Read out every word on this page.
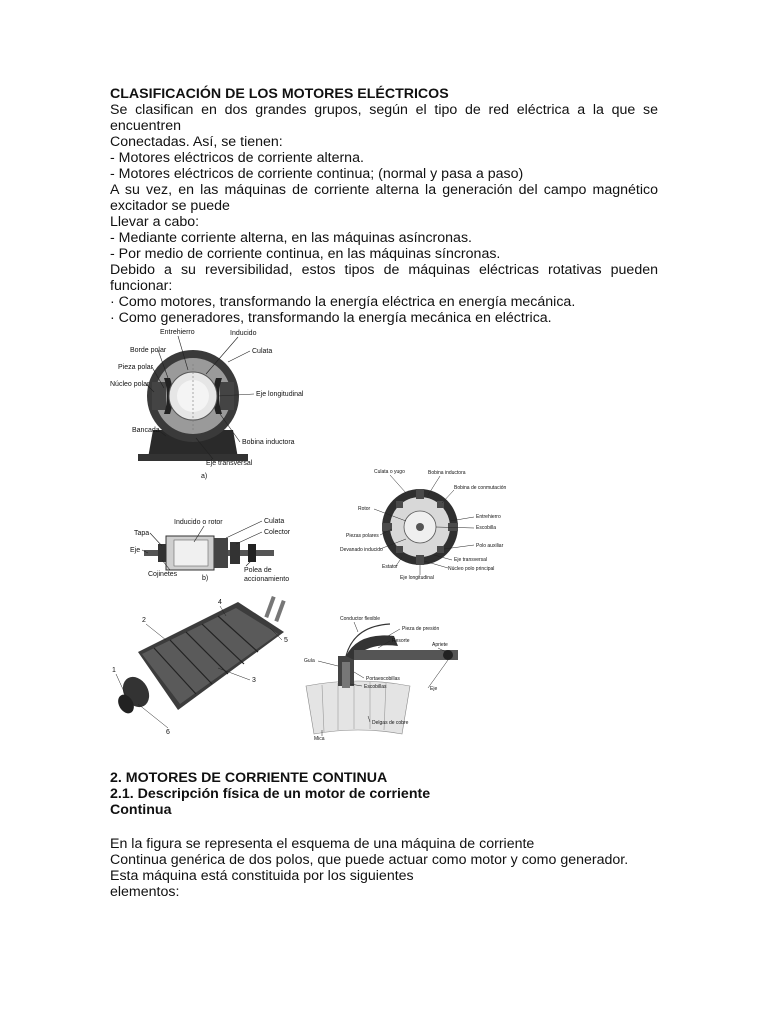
CLASIFICACIÓN DE LOS MOTORES ELÉCTRICOS

Se clasifican en dos grandes grupos, según el tipo de red eléctrica a la que se

encuentren

Conectadas. Así, se tienen:

- Motores eléctricos de corriente alterna.

- Motores eléctricos de corriente continua; (normal y pasa a paso)

A su vez, en las máquinas de corriente alterna la generación del campo magnético

excitador se puede

Llevar a cabo:

- Mediante corriente alterna, en las máquinas asíncronas.

- Por medio de corriente continua, en las máquinas síncronas.

Debido a su reversibilidad, estos tipos de máquinas eléctricas rotativas pueden

funcionar:

· Como motores, transformando la energía eléctrica en energía mecánica.

· Como generadores, transformando la energía mecánica en eléctrica.

Entrehierro	Inducido
Borde polar	Culata
Pieza polar
Núcleo polar
Eje longitudinal
Bancada
Bobina inductora
Eje transversal
a)
Culata o yugo	Bobina inductora
Bobina de conmutación
Rotor
Entrehierro
Escobilla
Piezas polares
Polo auxiliar
Devanado inducido
Eje transversal
Estator	Núcleo polo principal
Eje longitudinal
Inducido o rotor	Culata
Tapa	Colector
Eje
Cojinetes
b)
Polea de
accionamiento
1
2
3
4
5
6
Conductor flexible
Pieza de presión
Resorte
Apriete
Guía
Portaescobillas
Escobillas	Eje
Delgas de cobre
Mica

2. MOTORES DE CORRIENTE CONTINUA

2.1. Descripción física de un motor de corriente

Continua

En la figura se representa el esquema de una máquina de corriente

Continua genérica de dos polos, que puede actuar como motor y como generador.

Esta máquina está constituida por los siguientes

elementos:
